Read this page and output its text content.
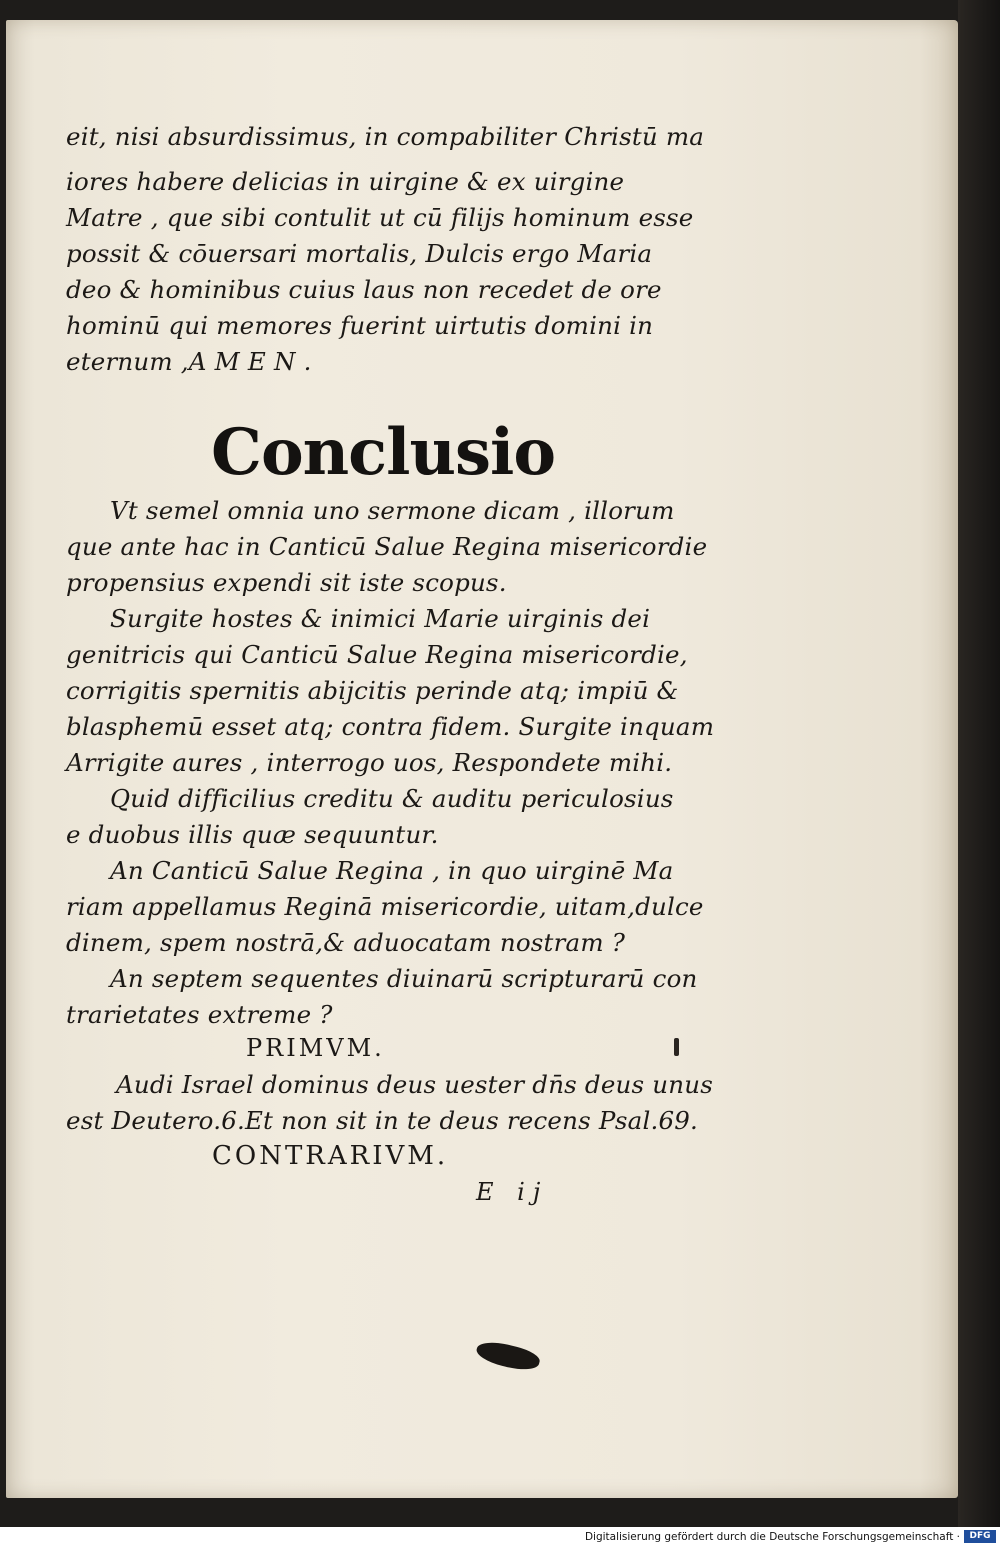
eit, nisi absurdissimus, in compabiliter Christū ma
iores habere delicias in uirgine & ex uirgine
Matre , que sibi contulit ut cū filijs hominum esse
possit & cōuersari mortalis, Dulcis ergo Maria
deo & hominibus cuius laus non recedet de ore
hominū qui memores fuerint uirtutis domini in
eternum ,A M E N .
Conclusio
Vt semel omnia uno sermone dicam , illorum
que ante hac in Canticū Salue Regina misericordie
propensius expendi sit iste scopus.
Surgite hostes & inimici Marie uirginis dei
genitricis qui Canticū Salue Regina misericordie,
corrigitis spernitis abijcitis perinde atq; impiū &
blasphemū esset atq; contra fidem. Surgite inquam
Arrigite aures , interrogo uos, Respondete mihi.
Quid difficilius creditu & auditu periculosius
e duobus illis quæ sequuntur.
An Canticū Salue Regina , in quo uirginē Ma
riam appellamus Reginā misericordie, uitam,dulce
dinem, spem nostrā,& aduocatam nostram ?
An septem sequentes diuinarū scripturarū con
trarietates extreme ?
PRIMVM.
Audi Israel dominus deus uester dn̄s deus unus
est Deutero.6.Et non sit in te deus recens Psal.69.
CONTRARIVM.
E ij
Digitalisierung gefördert durch die Deutsche Forschungsgemeinschaft ·	DFG
